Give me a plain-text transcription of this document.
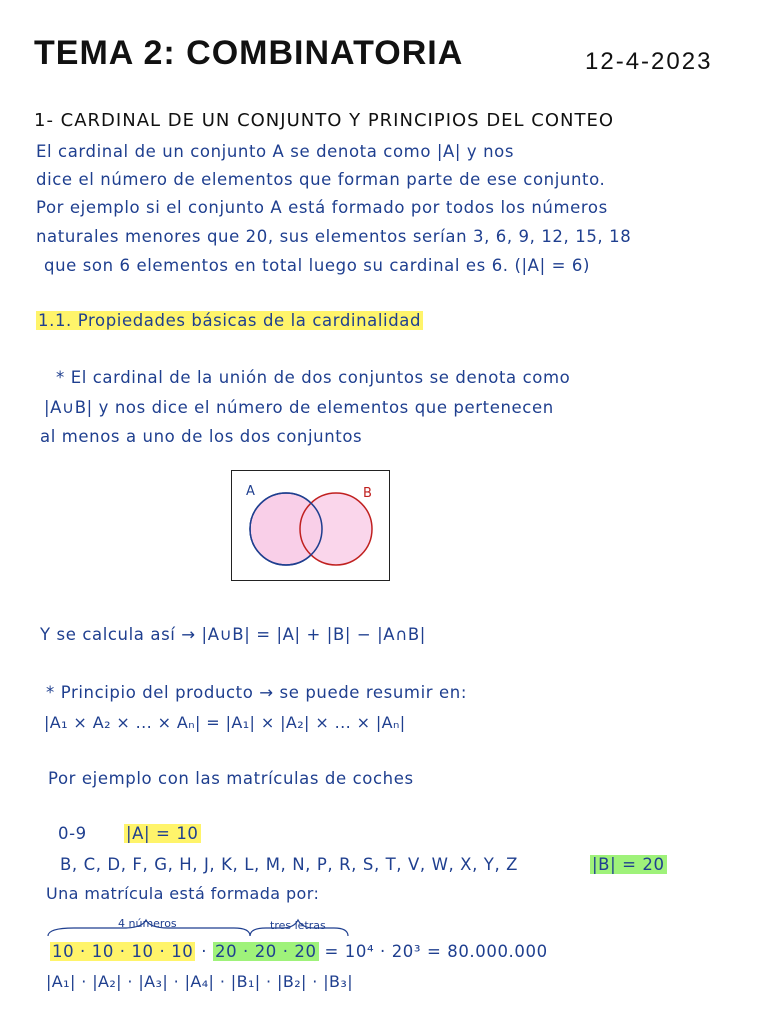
TEMA 2: COMBINATORIA	12-4-2023
1- CARDINAL DE UN CONJUNTO Y PRINCIPIOS DEL CONTEO
El cardinal de un conjunto A se denota como |A| y nos
dice el número de elementos que forman parte de ese conjunto.
Por ejemplo si el conjunto A está formado por todos los números
naturales menores que 20, sus elementos serían 3, 6, 9, 12, 15, 18
que son 6 elementos en total luego su cardinal es 6. (|A| = 6)
1.1. Propiedades básicas de la cardinalidad
* El cardinal de la unión de dos conjuntos se denota como
|A∪B| y nos dice el número de elementos que pertenecen
al menos a uno de los dos conjuntos
A	B
Y se calcula así → |A∪B| = |A| + |B| − |A∩B|
* Principio del producto → se puede resumir en:
|A₁ × A₂ × ... × Aₙ| = |A₁| × |A₂| × ... × |Aₙ|
Por ejemplo con las matrículas de coches
0-9 |A| = 10
B, C, D, F, G, H, J, K, L, M, N, P, R, S, T, V, W, X, Y, Z	|B| = 20
Una matrícula está formada por:
4 números	tres letras
10 · 10 · 10 · 10 · 20 · 20 · 20 = 10⁴ · 20³ = 80.000.000
|A₁| · |A₂| · |A₃| · |A₄| · |B₁| · |B₂| · |B₃|
